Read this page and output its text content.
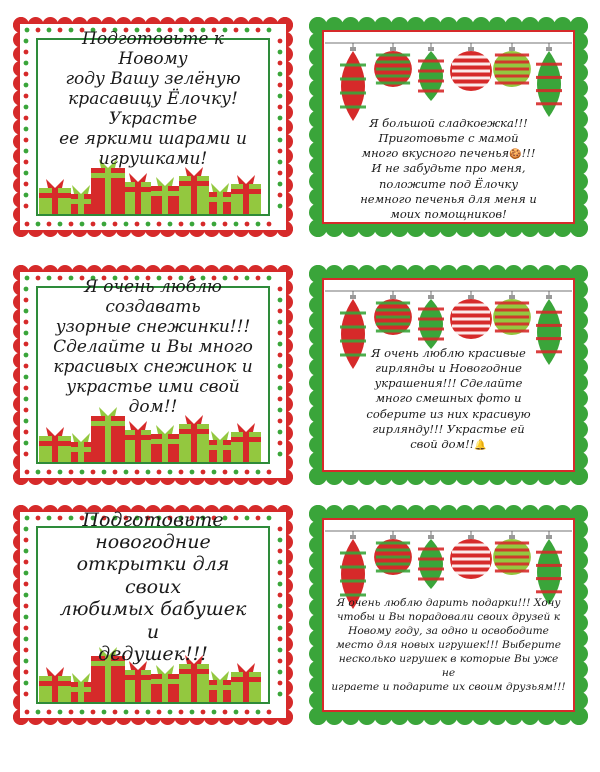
Подготовьте к Новому
году Вашу зелёную
красавицу Ёлочку! Украстье
ее яркими шарами и
игрушками!
Я большой сладкоежка!!!
Приготовьте с мамой
много вкусного печенья🍪!!!
И не забудьте про меня,
положите под Ёлочку
немного печенья для меня и
моих помощников!
Я очень люблю создавать
узорные снежинки!!!
Сделайте и Вы много
красивых снежинок и
украстье ими свой дом!!
Я очень люблю красивые
гирлянды и Новогодние
украшения!!! Сделайте
много смешных фото и
соберите из них красивую
гирлянду!!! Украстье ей
свой дом!!🔔
Подготовьте новогодние
открытки для своих
любимых бабушек и
дедушек!!!
Я очень люблю дарить подарки!!! Хочу
чтобы и Вы порадовали своих друзей к
Новому году, за одно и освободите
место для новых игрушек!!! Выберите
несколько игрушек в которые Вы уже не
играете и подарите их своим друзьям!!!
